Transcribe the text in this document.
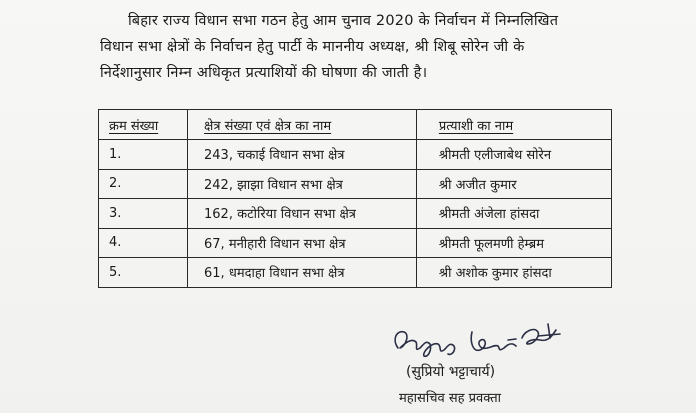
बिहार राज्य विधान सभा गठन हेतु आम चुनाव 2020 के निर्वाचन में निम्नलिखित
विधान सभा क्षेत्रों के निर्वाचन हेतु पार्टी के माननीय अध्यक्ष, श्री शिबू सोरेन जी के
निर्देशानुसार निम्न अधिकृत प्रत्याशियों की घोषणा की जाती है।
क्रम संख्या	क्षेत्र संख्या एवं क्षेत्र का नाम	प्रत्याशी का नाम
1.	243, चकाई विधान सभा क्षेत्र	श्रीमती एलीजाबेथ सोरेन
2.	242, झाझा विधान सभा क्षेत्र	श्री अजीत कुमार
3.	162, कटोरिया विधान सभा क्षेत्र	श्रीमती अंजेला हांसदा
4.	67, मनीहारी विधान सभा क्षेत्र	श्रीमती फूलमणी हेम्ब्रम
5.	61, धमदाहा विधान सभा क्षेत्र	श्री अशोक कुमार हांसदा
(सुप्रियो भट्टाचार्य)
महासचिव सह प्रवक्ता
